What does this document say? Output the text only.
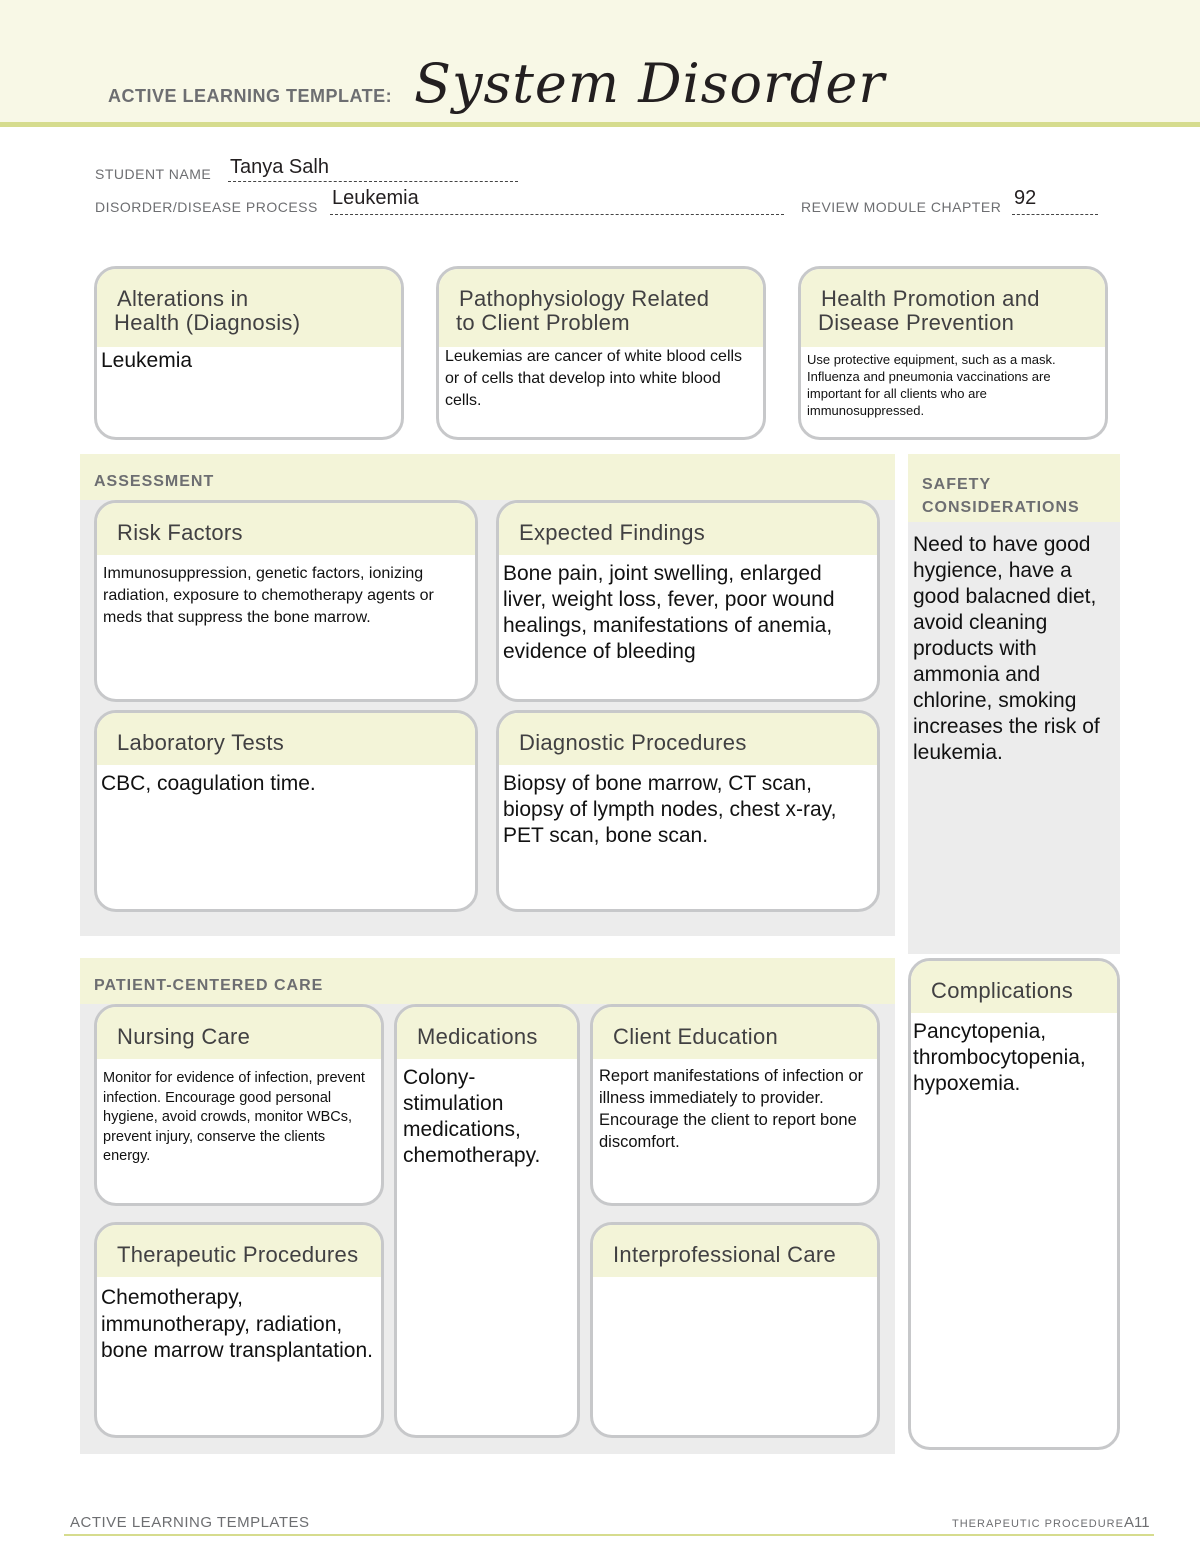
ACTIVE LEARNING TEMPLATE: System Disorder
STUDENT NAME Tanya Salh
DISORDER/DISEASE PROCESS Leukemia	REVIEW MODULE CHAPTER 92
Alterations in
Health (Diagnosis)
Leukemia
Pathophysiology Related
to Client Problem
Leukemias are cancer of white blood cells or of cells that develop into white blood cells.
Health Promotion and
Disease Prevention
Use protective equipment, such as a mask. Influenza and pneumonia vaccinations are important for all clients who are immunosuppressed.
ASSESSMENT
Risk Factors
Immunosuppression, genetic factors, ionizing radiation, exposure to chemotherapy agents or meds that suppress the bone marrow.
Expected Findings
Bone pain, joint swelling, enlarged liver, weight loss, fever, poor wound healings, manifestations of anemia, evidence of bleeding
Laboratory Tests
CBC, coagulation time.
Diagnostic Procedures
Biopsy of bone marrow, CT scan, biopsy of lympth nodes, chest x-ray, PET scan, bone scan.
SAFETY
CONSIDERATIONS
Need to have good hygience, have a good balacned diet, avoid cleaning products with ammonia and chlorine, smoking increases the risk of leukemia.
PATIENT-CENTERED CARE
Nursing Care
Monitor for evidence of infection, prevent infection. Encourage good personal hygiene, avoid crowds, monitor WBCs, prevent injury, conserve the clients energy.
Medications
Colony-stimulation medications, chemotherapy.
Client Education
Report manifestations of infection or illness immediately to provider. Encourage the client to report bone discomfort.
Therapeutic Procedures
Chemotherapy, immunotherapy, radiation, bone marrow transplantation.
Interprofessional Care
Complications
Pancytopenia, thrombocytopenia, hypoxemia.
ACTIVE LEARNING TEMPLATES	THERAPEUTIC PROCEDURE A11
